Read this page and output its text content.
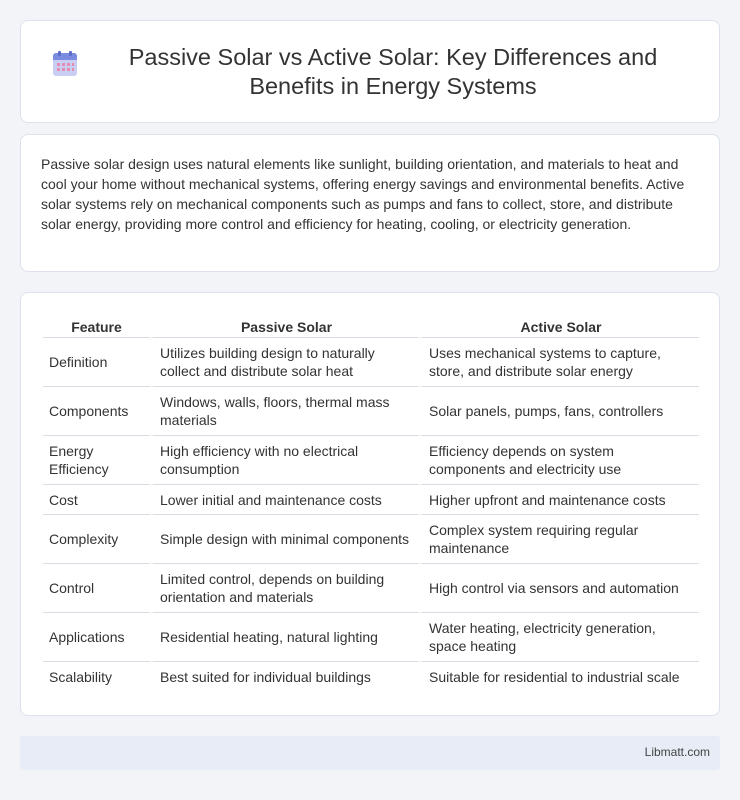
Passive Solar vs Active Solar: Key Differences and Benefits in Energy Systems

Passive solar design uses natural elements like sunlight, building orientation, and materials to heat and cool your home without mechanical systems, offering energy savings and environmental benefits. Active solar systems rely on mechanical components such as pumps and fans to collect, store, and distribute solar energy, providing more control and efficiency for heating, cooling, or electricity generation.

Feature	Passive Solar	Active Solar
Definition	Utilizes building design to naturally collect and distribute solar heat	Uses mechanical systems to capture, store, and distribute solar energy
Components	Windows, walls, floors, thermal mass materials	Solar panels, pumps, fans, controllers
Energy Efficiency	High efficiency with no electrical consumption	Efficiency depends on system components and electricity use
Cost	Lower initial and maintenance costs	Higher upfront and maintenance costs
Complexity	Simple design with minimal components	Complex system requiring regular maintenance
Control	Limited control, depends on building orientation and materials	High control via sensors and automation
Applications	Residential heating, natural lighting	Water heating, electricity generation, space heating
Scalability	Best suited for individual buildings	Suitable for residential to industrial scale
Libmatt.com
